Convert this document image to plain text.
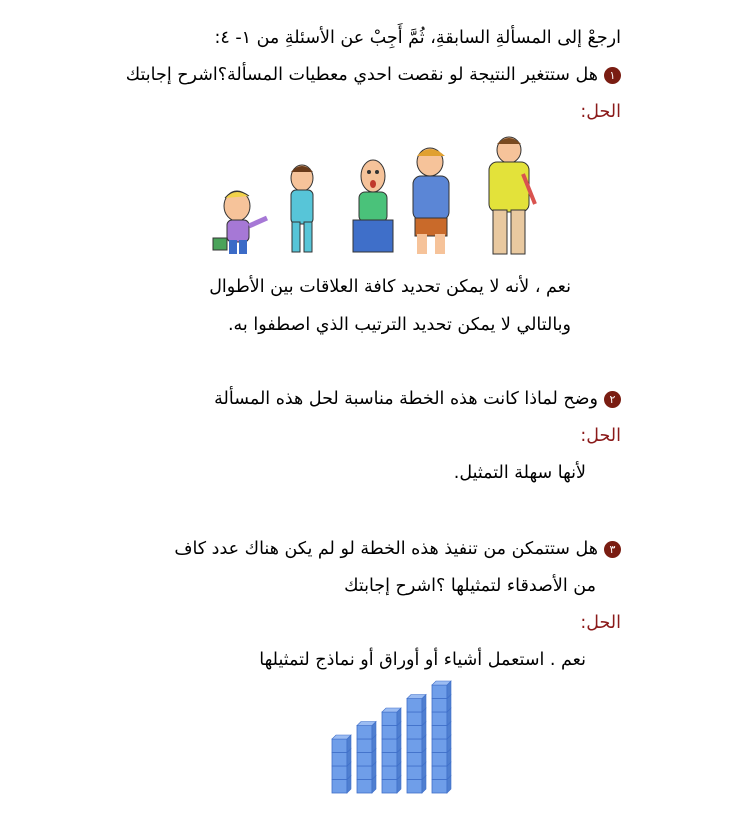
ارجعْ إلى المسألةِ السابقةِ، ثُمَّ أَجِبْ عن الأسئلةِ من ١- ٤:
١هل ستتغير النتيجة لو نقصت احدي معطيات المسألة؟اشرح إجابتك
الحل:
نعم ، لأنه لا يمكن تحديد كافة العلاقات بين الأطوال
وبالتالي لا يمكن تحديد الترتيب الذي اصطفوا به.
٢وضح لماذا كانت هذه الخطة مناسبة لحل هذه المسألة
الحل:
لأنها سهلة التمثيل.
٣هل ستتمكن من تنفيذ هذه الخطة لو لم يكن هناك عدد كاف
من الأصدقاء لتمثيلها ؟اشرح إجابتك
الحل:
نعم . استعمل أشياء أو أوراق أو نماذج لتمثيلها
